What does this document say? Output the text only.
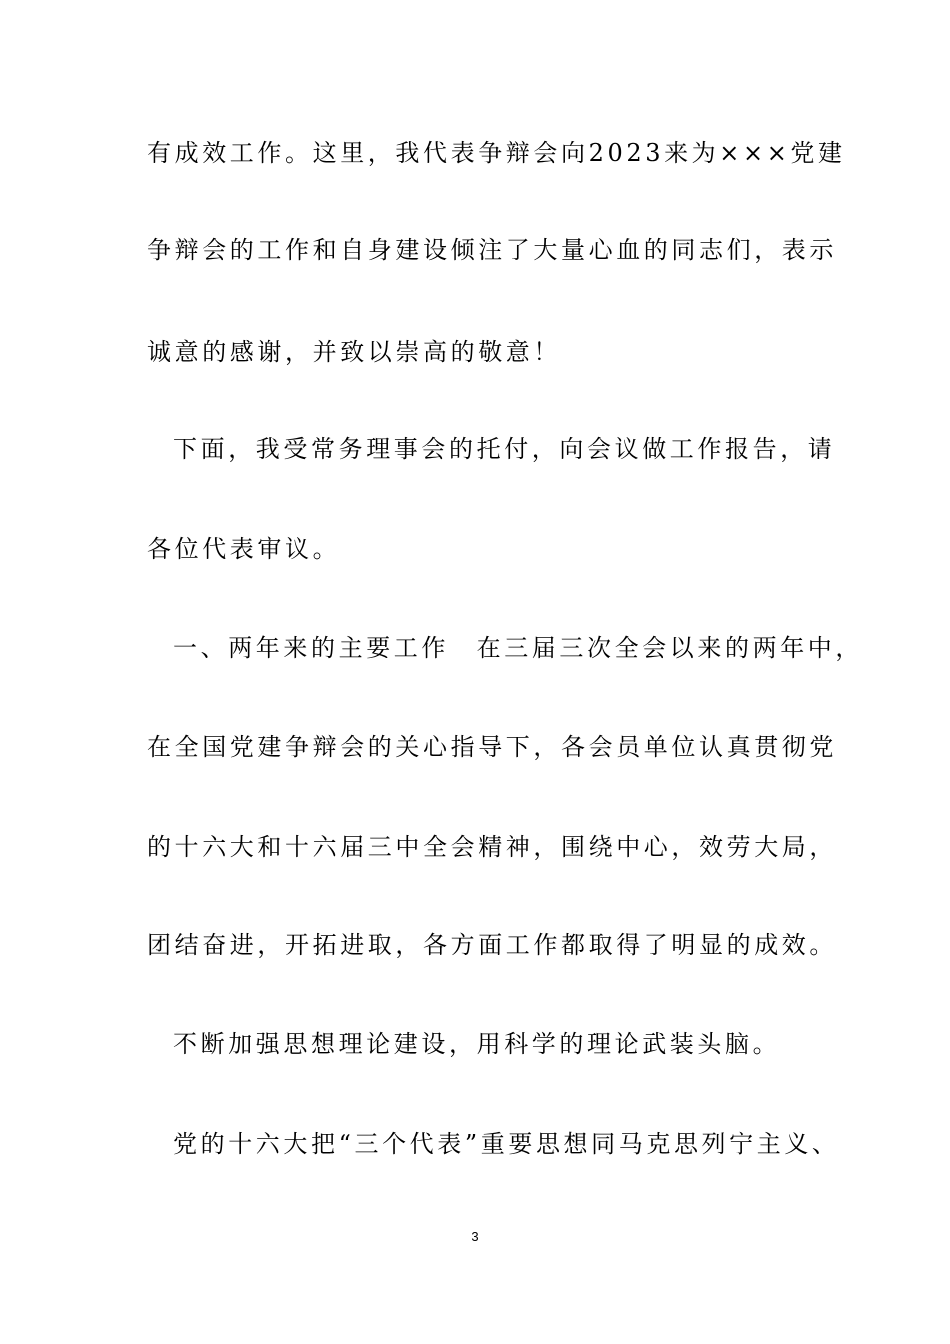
有成效工作。这里，我代表争辩会向2023来为×××党建
争辩会的工作和自身建设倾注了大量心血的同志们，表示
诚意的感谢，并致以崇高的敬意！
下面，我受常务理事会的托付，向会议做工作报告，请
各位代表审议。
一、两年来的主要工作　在三届三次全会以来的两年中，
在全国党建争辩会的关心指导下，各会员单位认真贯彻党
的十六大和十六届三中全会精神，围绕中心，效劳大局，
团结奋进，开拓进取，各方面工作都取得了明显的成效。
不断加强思想理论建设，用科学的理论武装头脑。
党的十六大把“三个代表”重要思想同马克思列宁主义、
3
